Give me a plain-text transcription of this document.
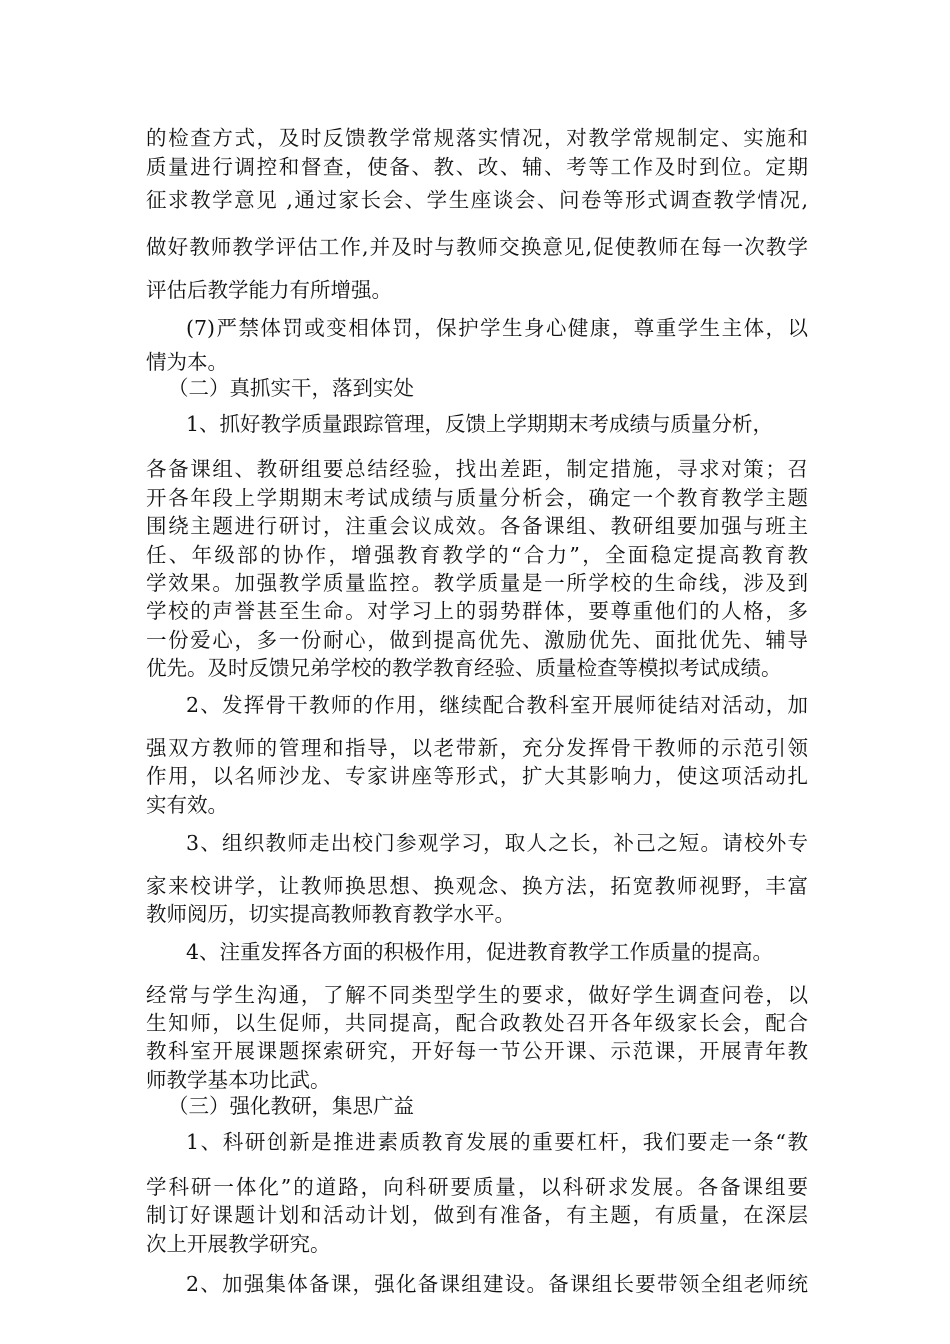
的检查方式，及时反馈教学常规落实情况，对教学常规制定、实施和

质量进行调控和督查，使备、教、改、辅、考等工作及时到位。定期

征求教学意见 ,通过家长会、学生座谈会、问卷等形式调查教学情况,

做好教师教学评估工作,并及时与教师交换意见,促使教师在每一次教学

评估后教学能力有所增强。

(7)严禁体罚或变相体罚，保护学生身心健康，尊重学生主体，以

情为本。

（二）真抓实干，落到实处

1、抓好教学质量跟踪管理，反馈上学期期末考成绩与质量分析，

各备课组、教研组要总结经验，找出差距，制定措施，寻求对策；召

开各年段上学期期末考试成绩与质量分析会，确定一个教育教学主题

围绕主题进行研讨，注重会议成效。各备课组、教研组要加强与班主

任、年级部的协作，增强教育教学的“合力”，全面稳定提高教育教

学效果。加强教学质量监控。教学质量是一所学校的生命线，涉及到

学校的声誉甚至生命。对学习上的弱势群体，要尊重他们的人格，多

一份爱心，多一份耐心，做到提高优先、激励优先、面批优先、辅导

优先。及时反馈兄弟学校的教学教育经验、质量检查等模拟考试成绩。

2、发挥骨干教师的作用，继续配合教科室开展师徒结对活动，加

强双方教师的管理和指导，以老带新，充分发挥骨干教师的示范引领

作用，以名师沙龙、专家讲座等形式，扩大其影响力，使这项活动扎

实有效。

3、组织教师走出校门参观学习，取人之长，补己之短。请校外专

家来校讲学，让教师换思想、换观念、换方法，拓宽教师视野，丰富

教师阅历，切实提高教师教育教学水平。

4、注重发挥各方面的积极作用，促进教育教学工作质量的提高。

经常与学生沟通，了解不同类型学生的要求，做好学生调查问卷，以

生知师，以生促师，共同提高，配合政教处召开各年级家长会，配合

教科室开展课题探索研究，开好每一节公开课、示范课，开展青年教

师教学基本功比武。

（三）强化教研，集思广益

1、科研创新是推进素质教育发展的重要杠杆，我们要走一条“教

学科研一体化”的道路，向科研要质量，以科研求发展。各备课组要

制订好课题计划和活动计划，做到有准备，有主题，有质量，在深层

次上开展教学研究。

2、加强集体备课，强化备课组建设。备课组长要带领全组老师统
